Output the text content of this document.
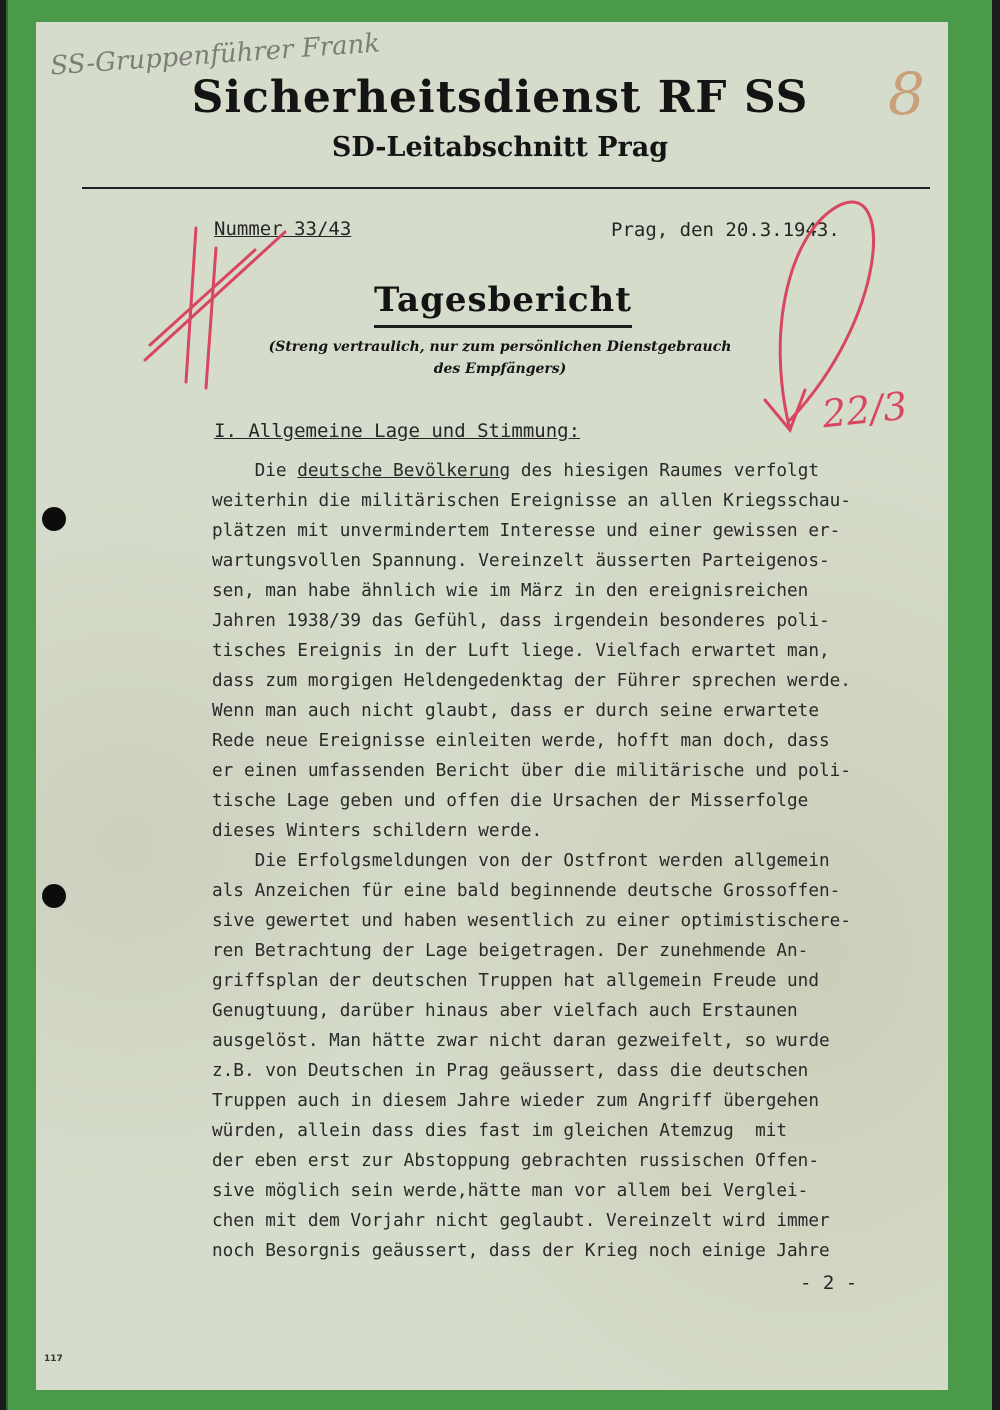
SS-Gruppenführer Frank
8
Sicherheitsdienst RF SS
SD-Leitabschnitt Prag
Nummer 33/43	Prag, den 20.3.1943.
Tagesbericht
(Streng vertraulich, nur zum persönlichen Dienstgebrauch
des Empfängers)
I. Allgemeine Lage und Stimmung:
Die deutsche Bevölkerung des hiesigen Raumes verfolgt
weiterhin die militärischen Ereignisse an allen Kriegsschau-
plätzen mit unvermindertem Interesse und einer gewissen er-
wartungsvollen Spannung. Vereinzelt äusserten Parteigenos-
sen, man habe ähnlich wie im März in den ereignisreichen
Jahren 1938/39 das Gefühl, dass irgendein besonderes poli-
tisches Ereignis in der Luft liege. Vielfach erwartet man,
dass zum morgigen Heldengedenktag der Führer sprechen werde.
Wenn man auch nicht glaubt, dass er durch seine erwartete
Rede neue Ereignisse einleiten werde, hofft man doch, dass
er einen umfassenden Bericht über die militärische und poli-
tische Lage geben und offen die Ursachen der Misserfolge
dieses Winters schildern werde.
Die Erfolgsmeldungen von der Ostfront werden allgemein
als Anzeichen für eine bald beginnende deutsche Grossoffen-
sive gewertet und haben wesentlich zu einer optimistischere-
ren Betrachtung der Lage beigetragen. Der zunehmende An-
griffsplan der deutschen Truppen hat allgemein Freude und
Genugtuung, darüber hinaus aber vielfach auch Erstaunen
ausgelöst. Man hätte zwar nicht daran gezweifelt, so wurde
z.B. von Deutschen in Prag geäussert, dass die deutschen
Truppen auch in diesem Jahre wieder zum Angriff übergehen
würden, allein dass dies fast im gleichen Atemzug  mit
der eben erst zur Abstoppung gebrachten russischen Offen-
sive möglich sein werde,hätte man vor allem bei Verglei-
chen mit dem Vorjahr nicht geglaubt. Vereinzelt wird immer
noch Besorgnis geäussert, dass der Krieg noch einige Jahre
- 2 -
117
22/3
